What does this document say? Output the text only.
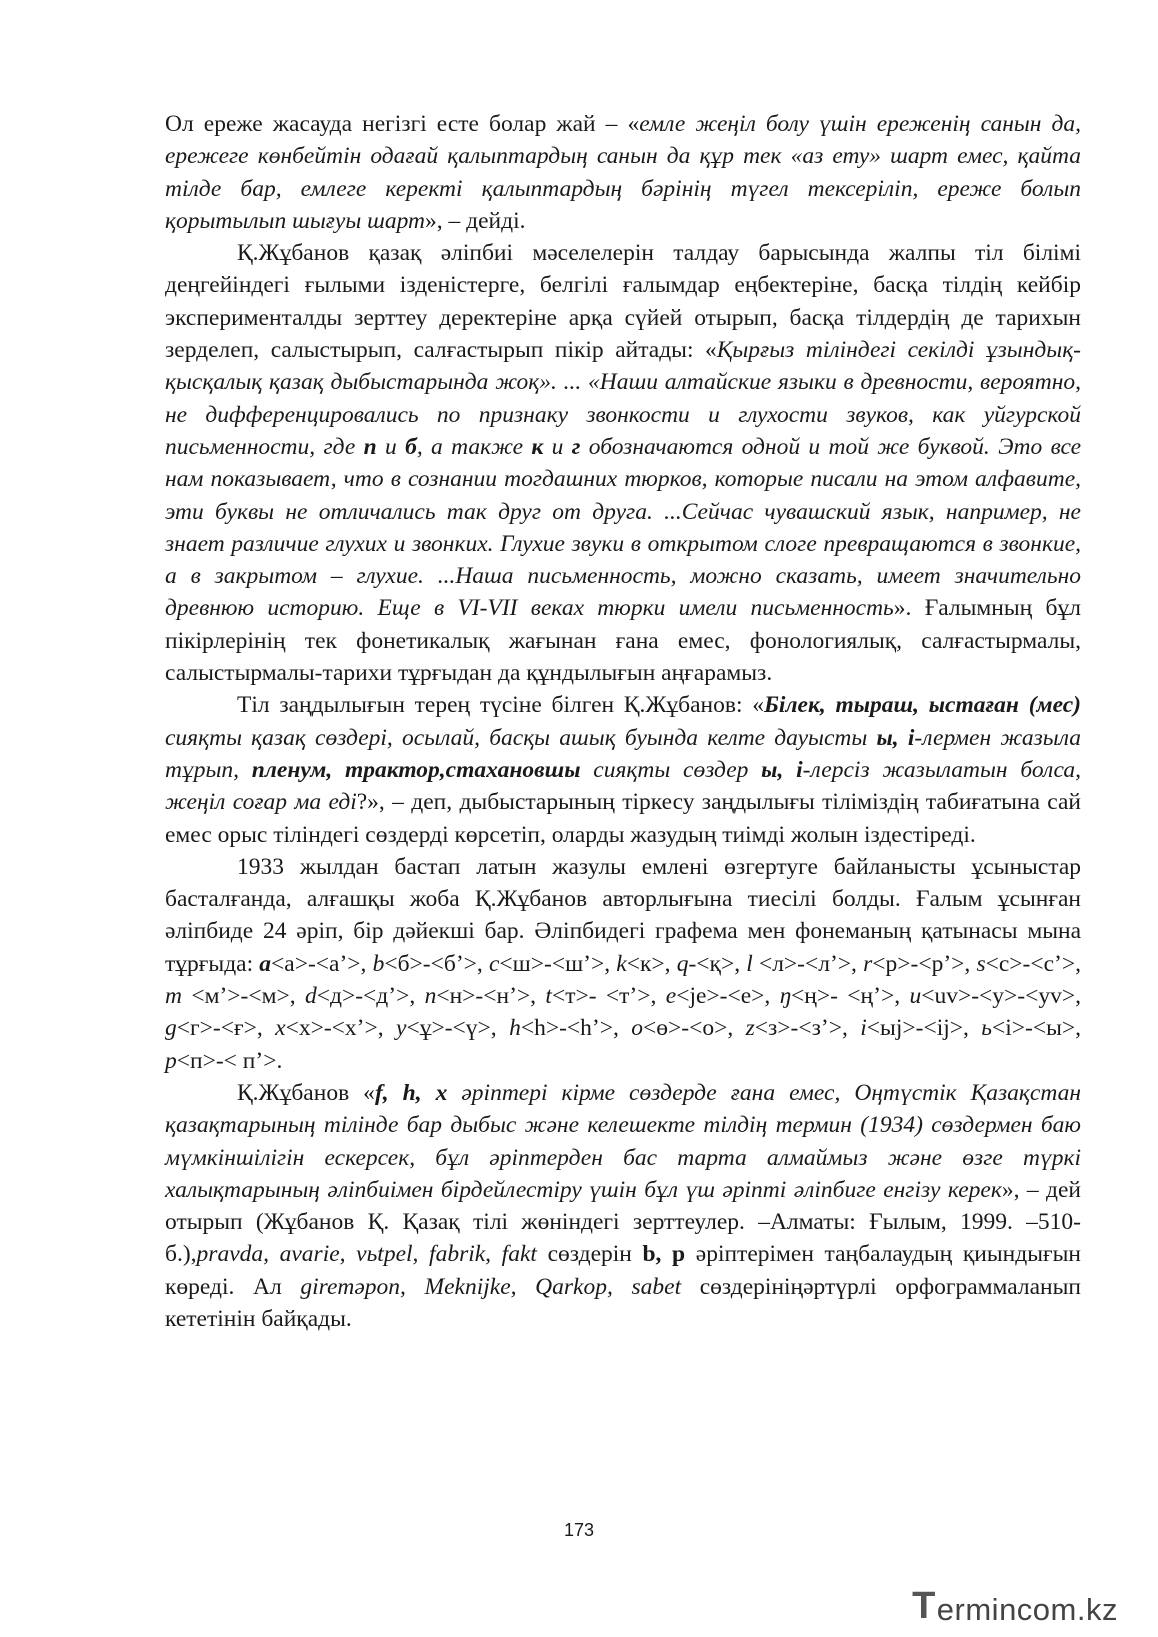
Ол ереже жасауда негізгі есте болар жай – «емле жеңіл болу үшін ереженің санын да, ережеге көнбейтін одағай қалыптардың санын да құр тек «аз ету» шарт емес, қайта тілде бар, емлеге керекті қалыптардың бәрінің түгел тексеріліп, ереже болып қорытылып шығуы шарт», – дейді.

Қ.Жұбанов қазақ әліпбиі мәселелерін талдау барысында жалпы тіл білімі деңгейіндегі ғылыми ізденістерге, белгілі ғалымдар еңбектеріне, басқа тілдің кейбір эксперименталды зерттеу деректеріне арқа сүйей отырып, басқа тілдердің де тарихын зерделеп, салыстырып, салғастырып пікір айтады: «Қырғыз тіліндегі секілді ұзындық-қысқалық қазақ дыбыстарында жоқ». ... «Наши алтайские языки в древности, вероятно, не дифференцировались по признаку звонкости и глухости звуков, как уйгурской письменности, где п и б, а также к и г обозначаются одной и той же буквой. Это все нам показывает, что в сознании тогдашних тюрков, которые писали на этом алфавите, эти буквы не отличались так друг от друга. ...Сейчас чувашский язык, например, не знает различие глухих и звонких. Глухие звуки в открытом слоге превращаются в звонкие, а в закрытом – глухие. ...Наша письменность, можно сказать, имеет значительно древнюю историю. Еще в VI-VII веках тюрки имели письменность». Ғалымның бұл пікірлерінің тек фонетикалық жағынан ғана емес, фонологиялық, салғастырмалы, салыстырмалы-тарихи тұрғыдан да құндылығын аңғарамыз.

Тіл заңдылығын терең түсіне білген Қ.Жұбанов: «Білек, тыраш, ыстаған (мес) сияқты қазақ сөздері, осылай, басқы ашық буында келте дауысты ы, і-лермен жазыла тұрып, пленум, трактор,стахановшы сияқты сөздер ы, і-лерсіз жазылатын болса, жеңіл соғар ма еді?», – деп, дыбыстарының тіркесу заңдылығы тіліміздің табиғатына сай емес орыс тіліндегі сөздерді көрсетіп, оларды жазудың тиімді жолын іздестіреді.

1933 жылдан бастап латын жазулы емлені өзгертуге байланысты ұсыныстар басталғанда, алғашқы жоба Қ.Жұбанов авторлығына тиесілі болды. Ғалым ұсынған әліпбиде 24 әріп, бір дәйекші бар. Әліпбидегі графема мен фонеманың қатынасы мына тұрғыда: a<а>-<а’>, b<б>-<б’>, c<ш>-<ш’>, k<к>, q-<қ>, l <л>-<л’>, r<р>-<р’>, s<с>-<с’>, m <м’>-<м>, d<д>-<д’>, n<н>-<н’>, t<т>- <т’>, e<je>-<e>, ŋ<ң>- <ң’>, u<uv>-<у>-<уv>, g<г>-<ғ>, x<х>-<х’>, y<ұ>-<ү>, h<h>-<h’>, o<ө>-<о>, z<з>-<з’>, i<ыj>-<ij>, ь<i>-<ы>, p<п>-< п’>.

Қ.Жұбанов «f, h, x әріптері кірме сөздерде ғана емес, Оңтүстік Қазақстан қазақтарының тілінде бар дыбыс және келешекте тілдің термин (1934) сөздермен баю мүмкіншілігін ескерсек, бұл әріптерден бас тарта алмаймыз және өзге түркі халықтарының әліпбиімен бірдейлестіру үшін бұл үш әріпті әліпбиге енгізу керек», – дей отырып (Жұбанов Қ. Қазақ тілі жөніндегі зерттеулер. –Алматы: Ғылым, 1999. –510-б.),pravda, avarie, vьtpel, fabrik, fakt сөздерін b, p әріптерімен таңбалаудың қиындығын көреді. Ал giremәpon, Meknijke, Qarkop, sabet сөздерініңәртүрлі орфограммаланып кететінін байқады.

173
T ermincom.kz
